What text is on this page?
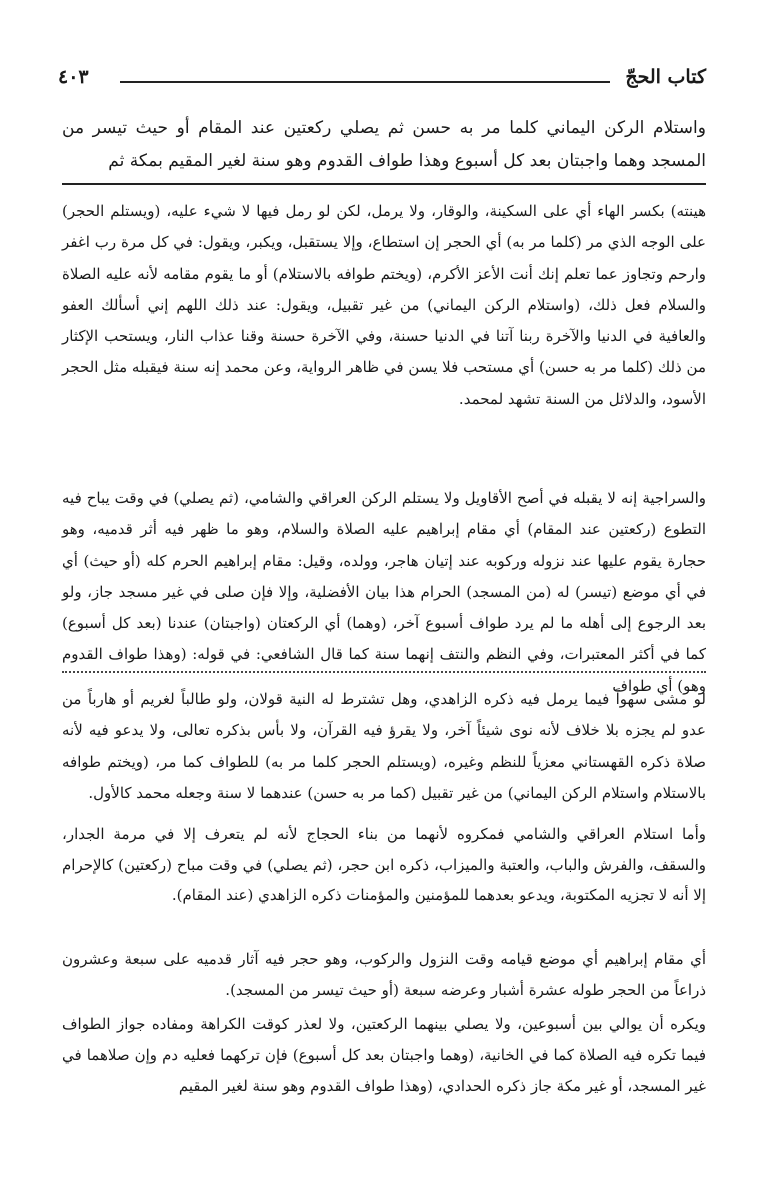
كتاب الحجّ
٤٠٣

واستلام الركن اليماني كلما مر به حسن ثم يصلي ركعتين عند المقام أو حيث تيسر من المسجد وهما واجبتان بعد كل أسبوع وهذا طواف القدوم وهو سنة لغير المقيم بمكة ثم

هينته) بكسر الهاء أي على السكينة، والوقار، ولا يرمل، لكن لو رمل فيها لا شيء عليه، (ويستلم الحجر) على الوجه الذي مر (كلما مر به) أي الحجر إن استطاع، وإلا يستقبل، ويكبر، ويقول: في كل مرة رب اغفر وارحم وتجاوز عما تعلم إنك أنت الأعز الأكرم، (ويختم طوافه بالاستلام) أو ما يقوم مقامه لأنه عليه الصلاة والسلام فعل ذلك، (واستلام الركن اليماني) من غير تقبيل، ويقول: عند ذلك اللهم إني أسألك العفو والعافية في الدنيا والآخرة ربنا آتنا في الدنيا حسنة، وفي الآخرة حسنة وقنا عذاب النار، ويستحب الإكثار من ذلك (كلما مر به حسن) أي مستحب فلا يسن في ظاهر الرواية، وعن محمد إنه سنة فيقبله مثل الحجر الأسود، والدلائل من السنة تشهد لمحمد.

والسراجية إنه لا يقبله في أصح الأقاويل ولا يستلم الركن العراقي والشامي، (ثم يصلي) في وقت يباح فيه التطوع (ركعتين عند المقام) أي مقام إبراهيم عليه الصلاة والسلام، وهو ما ظهر فيه أثر قدميه، وهو حجارة يقوم عليها عند نزوله وركوبه عند إتيان هاجر، وولده، وقيل: مقام إبراهيم الحرم كله (أو حيث) أي في أي موضع (تيسر) له (من المسجد) الحرام هذا بيان الأفضلية، وإلا فإن صلى في غير مسجد جاز، ولو بعد الرجوع إلى أهله ما لم يرد طواف أسبوع آخر، (وهما) أي الركعتان (واجبتان) عندنا (بعد كل أسبوع) كما في أكثر المعتبرات، وفي النظم والنتف إنهما سنة كما قال الشافعي: في قوله: (وهذا طواف القدوم وهو) أي طواف

لو مشى سهواً فيما يرمل فيه ذكره الزاهدي، وهل تشترط له النية قولان، ولو طالباً لغريم أو هارباً من عدو لم يجزه بلا خلاف لأنه نوى شيئاً آخر، ولا يقرؤ فيه القرآن، ولا بأس بذكره تعالى، ولا يدعو فيه لأنه صلاة ذكره القهستاني معزياً للنظم وغيره، (ويستلم الحجر كلما مر به) للطواف كما مر، (ويختم طوافه بالاستلام واستلام الركن اليماني) من غير تقبيل (كما مر به حسن) عندهما لا سنة وجعله محمد كالأول.

وأما استلام العراقي والشامي فمكروه لأنهما من بناء الحجاج لأنه لم يتعرف إلا في مرمة الجدار، والسقف، والفرش والباب، والعتبة والميزاب، ذكره ابن حجر، (ثم يصلي) في وقت مباح (ركعتين) كالإحرام إلا أنه لا تجزيه المكتوبة، ويدعو بعدهما للمؤمنين والمؤمنات ذكره الزاهدي (عند المقام).

أي مقام إبراهيم أي موضع قيامه وقت النزول والركوب، وهو حجر فيه آثار قدميه على سبعة وعشرون ذراعاً من الحجر طوله عشرة أشبار وعرضه سبعة (أو حيث تيسر من المسجد).

ويكره أن يوالي بين أسبوعين، ولا يصلي بينهما الركعتين، ولا لعذر كوقت الكراهة ومفاده جواز الطواف فيما تكره فيه الصلاة كما في الخانية، (وهما واجبتان بعد كل أسبوع) فإن تركهما فعليه دم وإن صلاهما في غير المسجد، أو غير مكة جاز ذكره الحدادي، (وهذا طواف القدوم وهو سنة لغير المقيم
